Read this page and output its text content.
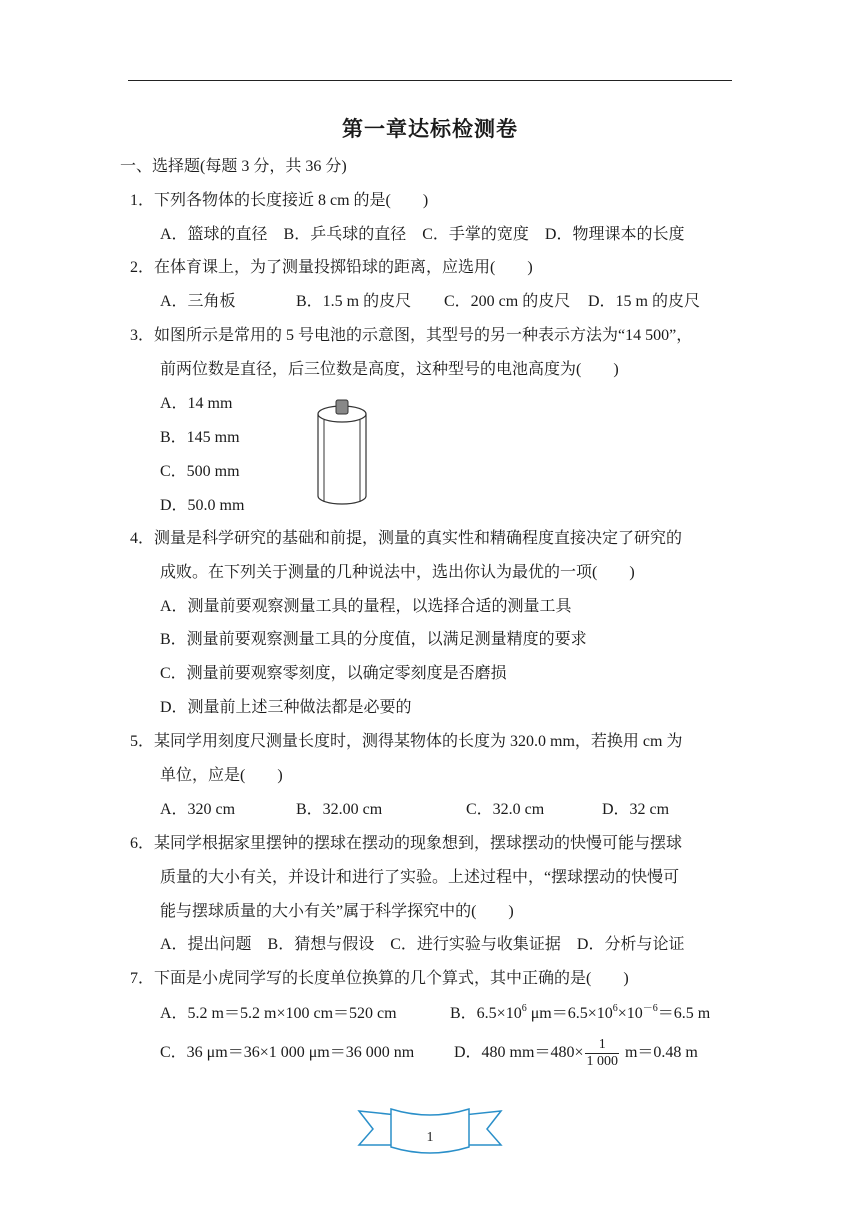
第一章达标检测卷
一、选择题(每题 3 分，共 36 分)
1．下列各物体的长度接近 8 cm 的是(　　)
A．篮球的直径　B．乒乓球的直径　C．手掌的宽度　D．物理课本的长度
2．在体育课上，为了测量投掷铅球的距离，应选用(　　)
A．三角板	B．1.5 m 的皮尺 C．200 cm 的皮尺 D．15 m 的皮尺
3．如图所示是常用的 5 号电池的示意图，其型号的另一种表示方法为“14 500”，
前两位数是直径，后三位数是高度，这种型号的电池高度为(　　)
A．14 mm
B．145 mm
C．500 mm
D．50.0 mm
4．测量是科学研究的基础和前提，测量的真实性和精确程度直接决定了研究的
成败。在下列关于测量的几种说法中，选出你认为最优的一项(　　)
A．测量前要观察测量工具的量程，以选择合适的测量工具
B．测量前要观察测量工具的分度值，以满足测量精度的要求
C．测量前要观察零刻度，以确定零刻度是否磨损
D．测量前上述三种做法都是必要的
5．某同学用刻度尺测量长度时，测得某物体的长度为 320.0 mm，若换用 cm 为
单位，应是(　　)
A．320 cm	B．32.00 cm	C．32.0 cm	D．32 cm
6．某同学根据家里摆钟的摆球在摆动的现象想到，摆球摆动的快慢可能与摆球
质量的大小有关，并设计和进行了实验。上述过程中，“摆球摆动的快慢可
能与摆球质量的大小有关”属于科学探究中的(　　)
A．提出问题　B．猜想与假设　C．进行实验与收集证据　D．分析与论证
7．下面是小虎同学写的长度单位换算的几个算式，其中正确的是(　　)
A．5.2 m＝5.2 m×100 cm＝520 cm	B．$6.5\times 10^6$ $\mu m=6.5\times 10^6\times 10^{-6}=6.5$ m
C．36 μm＝36×1 000 μm＝36 000 nm D．480 $mm=480\times \frac{1}{1 000} m=0.48$ m
1
